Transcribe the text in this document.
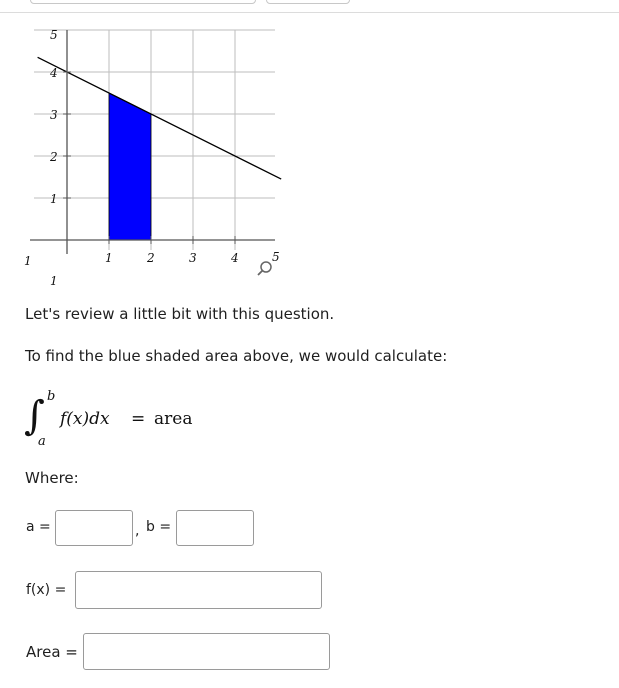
1	2	3	4
4
3
2
1
1
1
5
5
Let's review a little bit with this question.
To find the blue shaded area above, we would calculate:
∫ b
a
f(x)dx = area
Where:
a =	, b =
f(x) =
Area =
